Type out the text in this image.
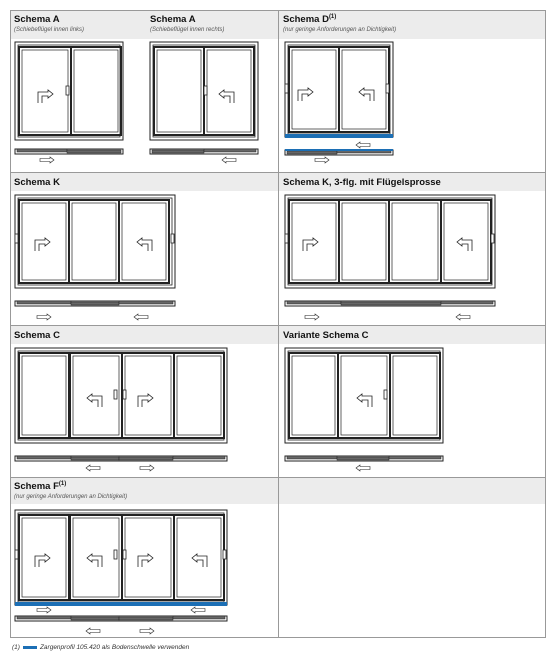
Schema A
(Schiebeflügel innen links)
Schema A
(Schiebeflügel innen rechts)
Schema $D^{(1)}$
(nur geringe Anforderungen an Dichtigkeit)
Schema K	Schema K, 3-flg. mit Flügelsprosse
Schema C	Variante Schema C
Schema $F^{(1)}$
(nur geringe Anforderungen an Dichtigkeit)
(1)	Zargenprofil 105.420 als Bodenschwelle verwenden
